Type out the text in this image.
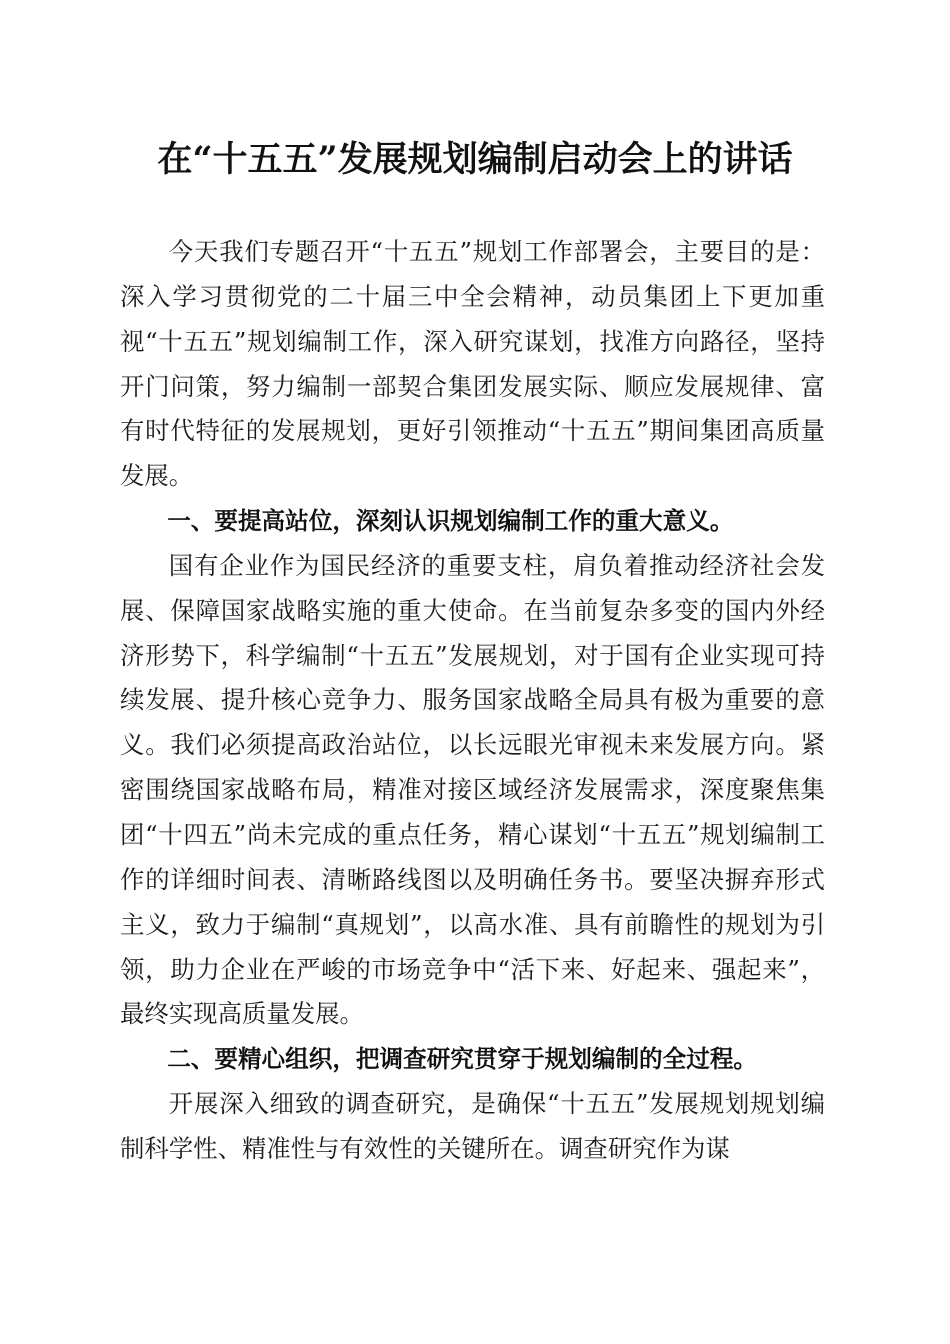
在“十五五”发展规划编制启动会上的讲话

今天我们专题召开“十五五”规划工作部署会，主要目的是：深入学习贯彻党的二十届三中全会精神，动员集团上下更加重视“十五五”规划编制工作，深入研究谋划，找准方向路径，坚持开门问策，努力编制一部契合集团发展实际、顺应发展规律、富有时代特征的发展规划，更好引领推动“十五五”期间集团高质量发展。

一、要提高站位，深刻认识规划编制工作的重大意义。

国有企业作为国民经济的重要支柱，肩负着推动经济社会发展、保障国家战略实施的重大使命。在当前复杂多变的国内外经济形势下，科学编制“十五五”发展规划，对于国有企业实现可持续发展、提升核心竞争力、服务国家战略全局具有极为重要的意义。我们必须提高政治站位，以长远眼光审视未来发展方向。紧密围绕国家战略布局，精准对接区域经济发展需求，深度聚焦集团“十四五”尚未完成的重点任务，精心谋划“十五五”规划编制工作的详细时间表、清晰路线图以及明确任务书。要坚决摒弃形式主义，致力于编制“真规划”，以高水准、具有前瞻性的规划为引领，助力企业在严峻的市场竞争中“活下来、好起来、强起来”，最终实现高质量发展。

二、要精心组织，把调查研究贯穿于规划编制的全过程。

开展深入细致的调查研究，是确保“十五五”发展规划规划编制科学性、精准性与有效性的关键所在。调查研究作为谋
